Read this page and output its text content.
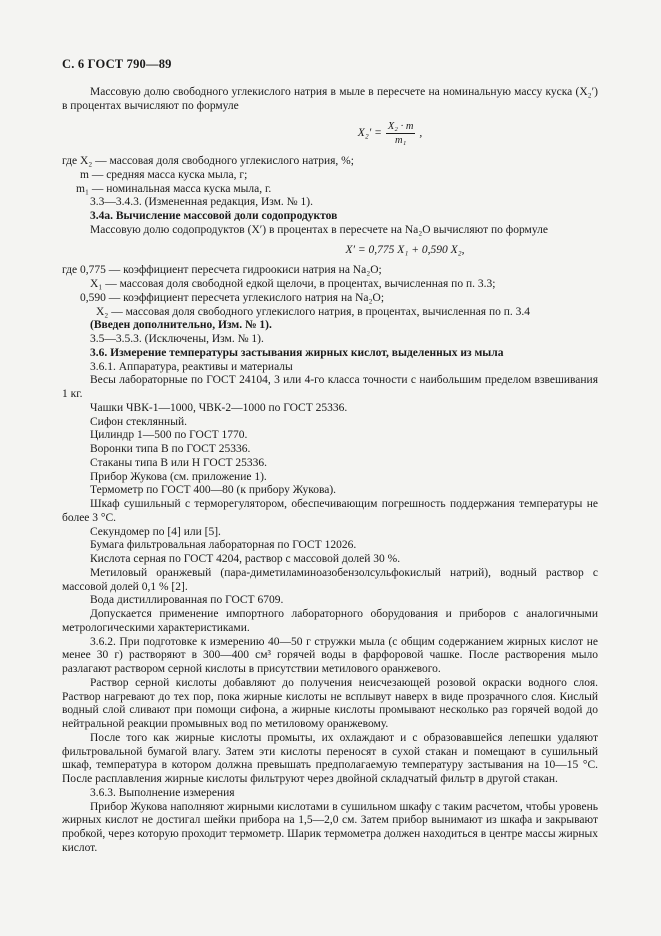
С. 6 ГОСТ 790—89

Массовую долю свободного углекислого натрия в мыле в пересчете на номинальную массу куска (X₂′) в процентах вычисляют по формуле

$X_2' = \frac{\text{X₂ · m}}{\text{m₁}}$ ,

где X₂ — массовая доля свободного углекислого натрия, %;

m — средняя масса куска мыла, г;

m₁ — номинальная масса куска мыла, г.

3.3—3.4.3. (Измененная редакция, Изм. № 1).

3.4а. Вычисление массовой доли содопродуктов

Массовую долю содопродуктов (X′) в процентах в пересчете на Na₂O вычисляют по формуле

X′ = 0,775 X₁ + 0,590 X₂,

где 0,775 — коэффициент пересчета гидроокиси натрия на Na₂O;

X₁ — массовая доля свободной едкой щелочи, в процентах, вычисленная по п. 3.3;

0,590 — коэффициент пересчета углекислого натрия на Na₂O;

X₂ — массовая доля свободного углекислого натрия, в процентах, вычисленная по п. 3.4

(Введен дополнительно, Изм. № 1).

3.5—3.5.3. (Исключены, Изм. № 1).

3.6. Измерение температуры застывания жирных кислот, выделенных из мыла

3.6.1. Аппаратура, реактивы и материалы

Весы лабораторные по ГОСТ 24104, 3 или 4-го класса точности с наибольшим пределом взвешивания 1 кг.

Чашки ЧВК-1—1000, ЧВК-2—1000 по ГОСТ 25336.

Сифон стеклянный.

Цилиндр 1—500 по ГОСТ 1770.

Воронки типа В по ГОСТ 25336.

Стаканы типа В или Н ГОСТ 25336.

Прибор Жукова (см. приложение 1).

Термометр по ГОСТ 400—80 (к прибору Жукова).

Шкаф сушильный с терморегулятором, обеспечивающим погрешность поддержания температуры не более 3 °С.

Секундомер по [4] или [5].

Бумага фильтровальная лабораторная по ГОСТ 12026.

Кислота серная по ГОСТ 4204, раствор с массовой долей 30 %.

Метиловый оранжевый (пара-диметиламиноазобензолсульфокислый натрий), водный раствор с массовой долей 0,1 % [2].

Вода дистиллированная по ГОСТ 6709.

Допускается применение импортного лабораторного оборудования и приборов с аналогичными метрологическими характеристиками.

3.6.2. При подготовке к измерению 40—50 г стружки мыла (с общим содержанием жирных кислот не менее 30 г) растворяют в 300—400 см³ горячей воды в фарфоровой чашке. После растворения мыло разлагают раствором серной кислоты в присутствии метилового оранжевого.

Раствор серной кислоты добавляют до получения неисчезающей розовой окраски водного слоя. Раствор нагревают до тех пор, пока жирные кислоты не всплывут наверх в виде прозрачного слоя. Кислый водный слой сливают при помощи сифона, а жирные кислоты промывают несколько раз горячей водой до нейтральной реакции промывных вод по метиловому оранжевому.

После того как жирные кислоты промыты, их охлаждают и с образовавшейся лепешки удаляют фильтровальной бумагой влагу. Затем эти кислоты переносят в сухой стакан и помещают в сушильный шкаф, температура в котором должна превышать предполагаемую температуру застывания на 10—15 °С. После расплавления жирные кислоты фильтруют через двойной складчатый фильтр в другой стакан.

3.6.3. Выполнение измерения

Прибор Жукова наполняют жирными кислотами в сушильном шкафу с таким расчетом, чтобы уровень жирных кислот не достигал шейки прибора на 1,5—2,0 см. Затем прибор вынимают из шкафа и закрывают пробкой, через которую проходит термометр. Шарик термометра должен находиться в центре массы жирных кислот.
